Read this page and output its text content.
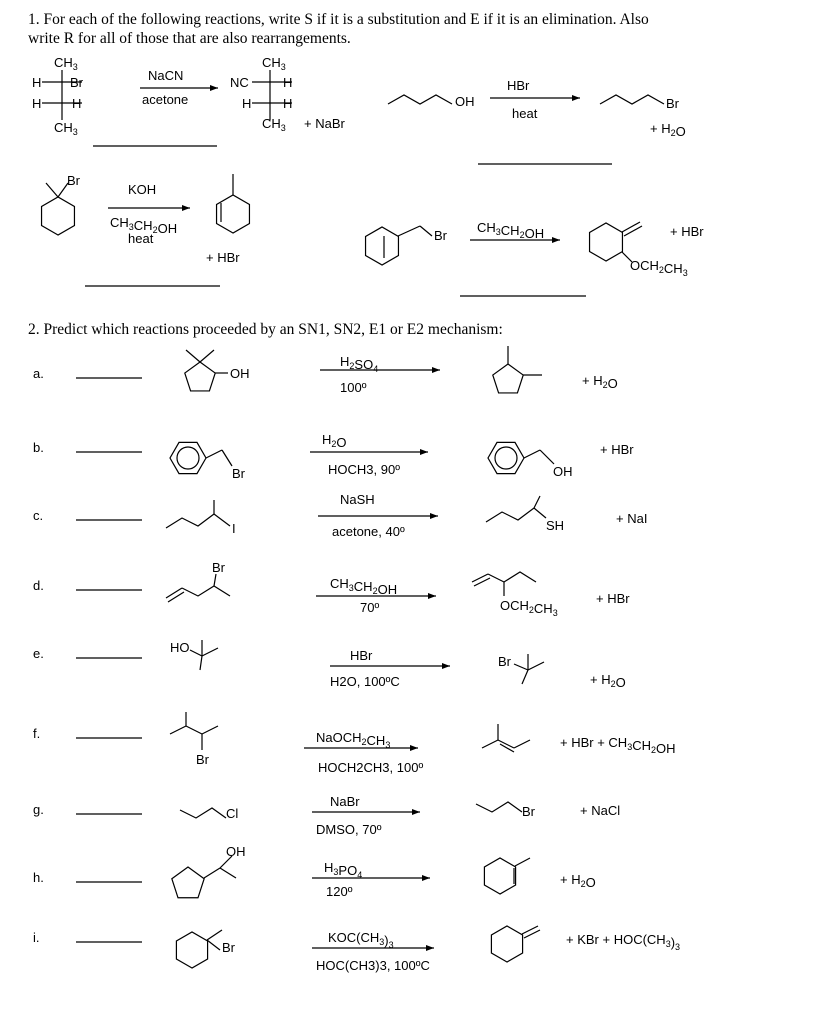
1. For each of the following reactions, write S if it is a substitution and E if it is an elimination. Also
write R for all of those that are also rearrangements.
2. Predict which reactions proceeded by an SN1, SN2, E1 or E2 mechanism:
$CH_3$
H Br
H H
$CH_3$
NaCN
acetone
$CH_3$
NC	H
H H
$CH_3$ + NaBr
OH
HBr
heat
Br
+ $H_2O$
Br
KOH
$CH_3CH_2OH$
heat
+ HBr
Br
$CH_3CH_2OH$
$OCH_2CH_3$
+ HBr
a.
b.
c.
d.
e.
f.
g.
h.
i.
OH
$H_2SO_4$
100º	+ $H_2O$
Br
$H_2O$
HOCH3, 90º	OH
+ HBr
I
NaSH
acetone, 40º	SH	+ NaI
Br
$CH_3CH_2OH$
70º	$OCH_2CH_3$
+ HBr
HO
HBr
H2O, 100ºC
Br
+ $H_2O$
Br
$NaOCH_2CH_3$
HOCH2CH3, 100º
+ HBr + $CH_3CH_2OH$
Cl
NaBr
DMSO, 70º
Br	+ NaCl
OH
$H_3PO_4$
120º
+ $H_2O$
Br
$KOC(CH_3)_3$
HOC(CH3)3, 100ºC
+ KBr + $HOC(CH_3)_3$
